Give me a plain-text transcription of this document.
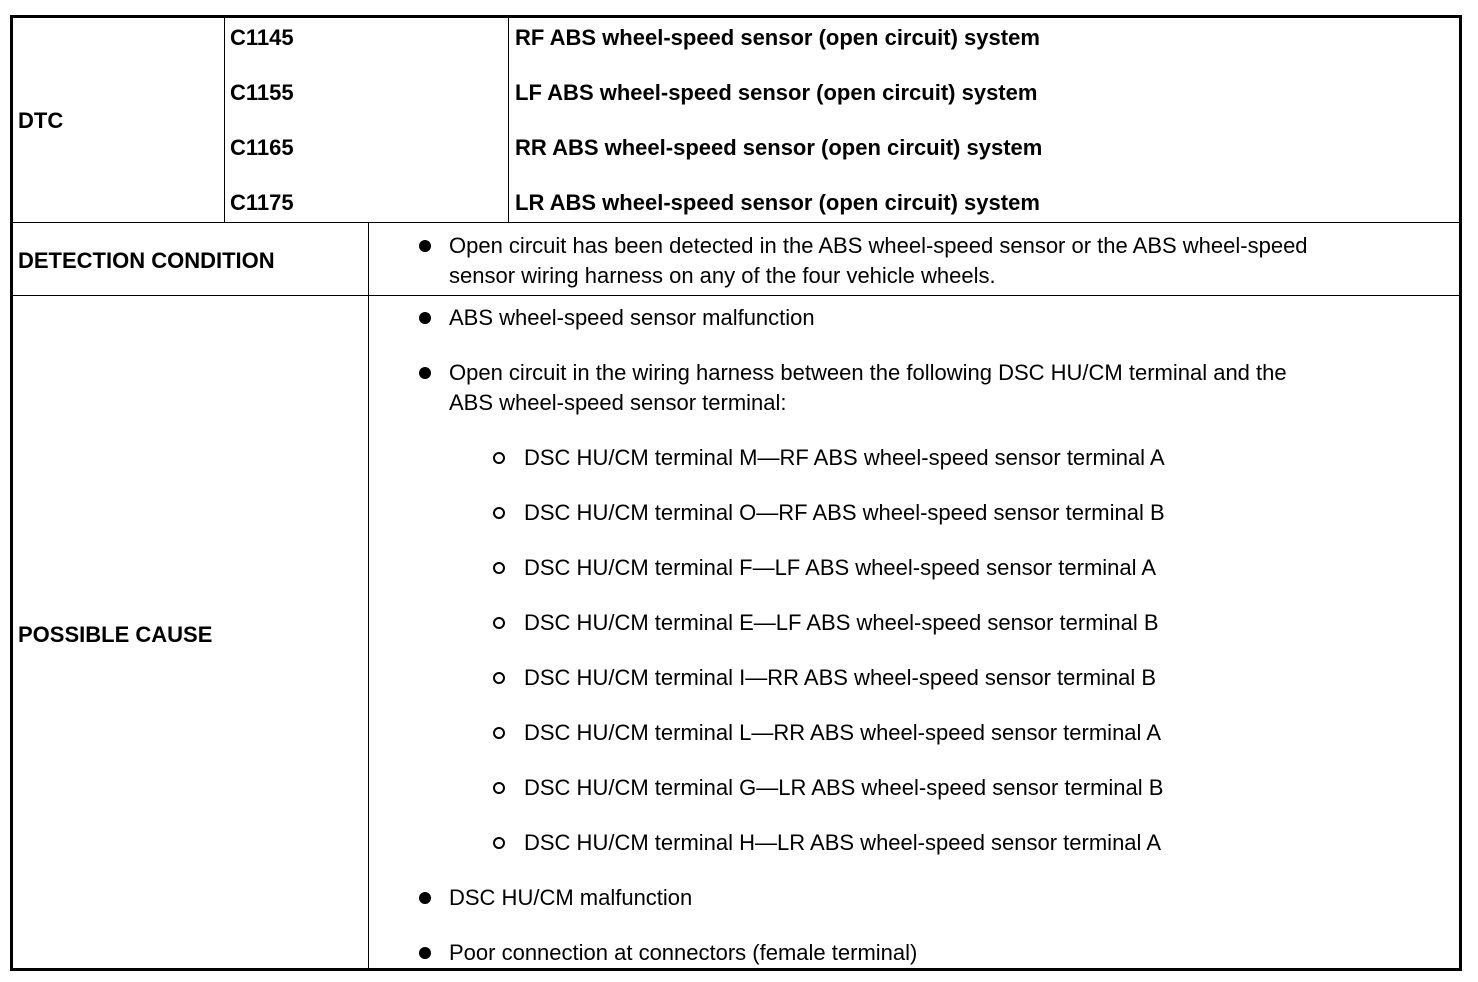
DTC
C1145	RF ABS wheel-speed sensor (open circuit) system
C1155	LF ABS wheel-speed sensor (open circuit) system
C1165	RR ABS wheel-speed sensor (open circuit) system
C1175	LR ABS wheel-speed sensor (open circuit) system
DETECTION CONDITION
Open circuit has been detected in the ABS wheel-speed sensor or the ABS wheel-speed
sensor wiring harness on any of the four vehicle wheels.
POSSIBLE CAUSE
ABS wheel-speed sensor malfunction
Open circuit in the wiring harness between the following DSC HU/CM terminal and the
ABS wheel-speed sensor terminal:
DSC HU/CM terminal M—RF ABS wheel-speed sensor terminal A
DSC HU/CM terminal O—RF ABS wheel-speed sensor terminal B
DSC HU/CM terminal F—LF ABS wheel-speed sensor terminal A
DSC HU/CM terminal E—LF ABS wheel-speed sensor terminal B
DSC HU/CM terminal I—RR ABS wheel-speed sensor terminal B
DSC HU/CM terminal L—RR ABS wheel-speed sensor terminal A
DSC HU/CM terminal G—LR ABS wheel-speed sensor terminal B
DSC HU/CM terminal H—LR ABS wheel-speed sensor terminal A
DSC HU/CM malfunction
Poor connection at connectors (female terminal)
